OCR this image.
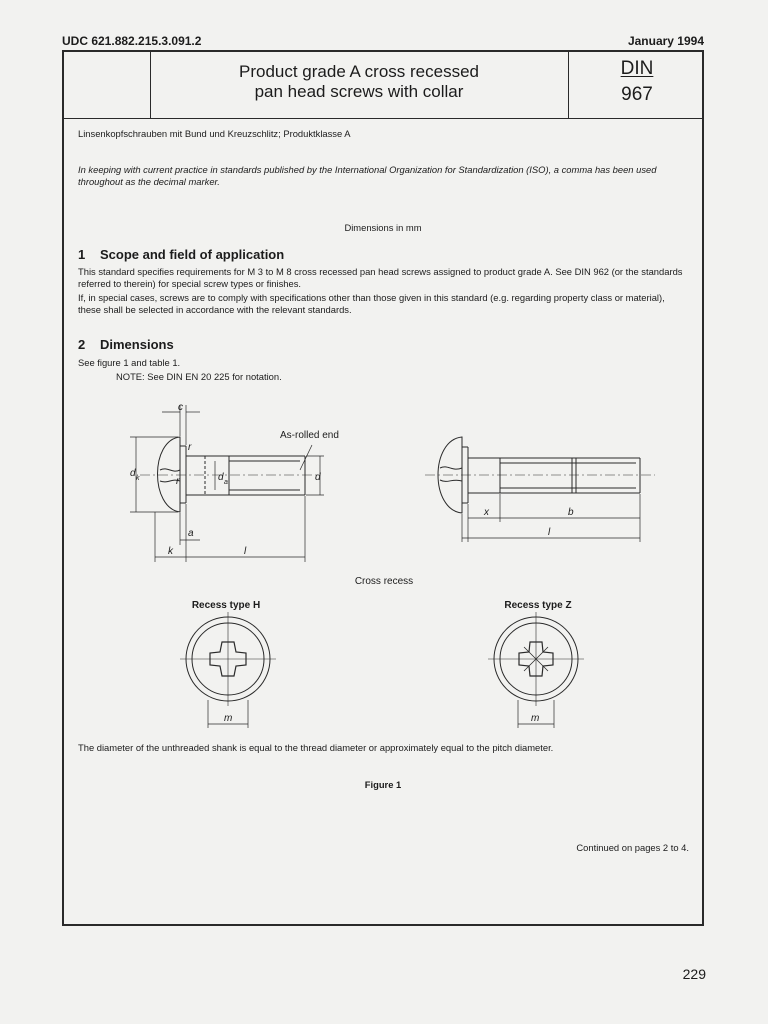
UDC 621.882.215.3.091.2	January 1994
Product grade A cross recessed
pan head screws with collar
DIN
967
Linsenkopfschrauben mit Bund und Kreuzschlitz; Produktklasse A
In keeping with current practice in standards published by the International Organization for Standardization (ISO), a comma has been used throughout as the decimal marker.
Dimensions in mm
1 Scope and field of application
This standard specifies requirements for M 3 to M 8 cross recessed pan head screws assigned to product grade A. See DIN 962 (or the standards referred to therein) for special screw types or finishes.
If, in special cases, screws are to comply with specifications other than those given in this standard (e.g. regarding property class or material), these shall be selected in accordance with the relevant standards.
2 Dimensions
See figure 1 and table 1.
NOTE: See DIN EN 20 225 for notation.
c
r
r
d k	d a	d
a
k	l
x	b
l
m	m
As-rolled end
Cross recess
Recess type H	Recess type Z
The diameter of the unthreaded shank is equal to the thread diameter or approximately equal to the pitch diameter.
Figure 1
Continued on pages 2 to 4.
229
